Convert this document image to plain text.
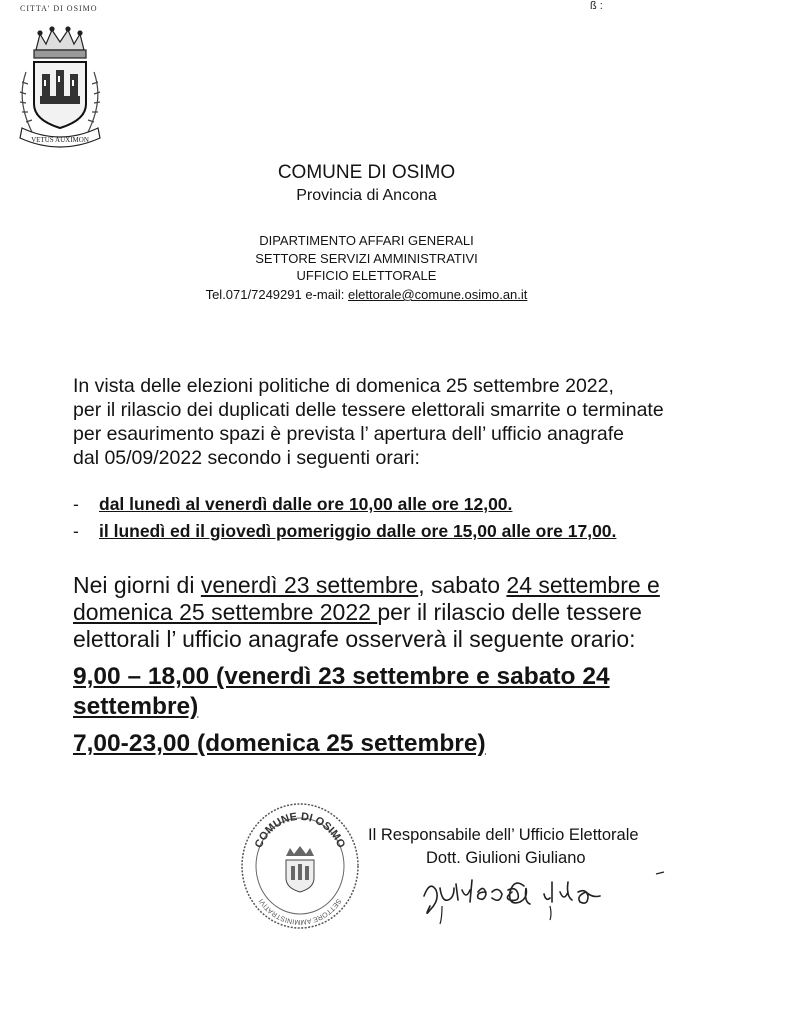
CITTA' DI OSIMO	ß :
VETUS AUXIMON
COMUNE DI OSIMO
Provincia di Ancona
DIPARTIMENTO AFFARI GENERALI
SETTORE SERVIZI AMMINISTRATIVI
UFFICIO ELETTORALE
Tel.071/7249291 e-mail: elettorale@comune.osimo.an.it
In vista delle elezioni politiche di domenica 25 settembre 2022,
per il rilascio dei duplicati delle tessere elettorali smarrite o terminate
per esaurimento spazi è prevista l’ apertura dell’ ufficio anagrafe
dal 05/09/2022 secondo i seguenti orari:
- dal lunedì al venerdì dalle ore 10,00 alle ore 12,00.
- il lunedì ed il giovedì pomeriggio dalle ore 15,00 alle ore 17,00.
Nei giorni di venerdì 23 settembre, sabato 24 settembre e
domenica 25 settembre 2022 per il rilascio delle tessere
elettorali l’ ufficio anagrafe osserverà il seguente orario:
9,00 – 18,00 (venerdì 23 settembre e sabato 24
settembre)
7,00-23,00 (domenica 25 settembre)
COMUNE DI OSIMO
SETTORE AMMINISTRATIVI
Il Responsabile dell’ Ufficio Elettorale
Dott. Giulioni Giuliano
